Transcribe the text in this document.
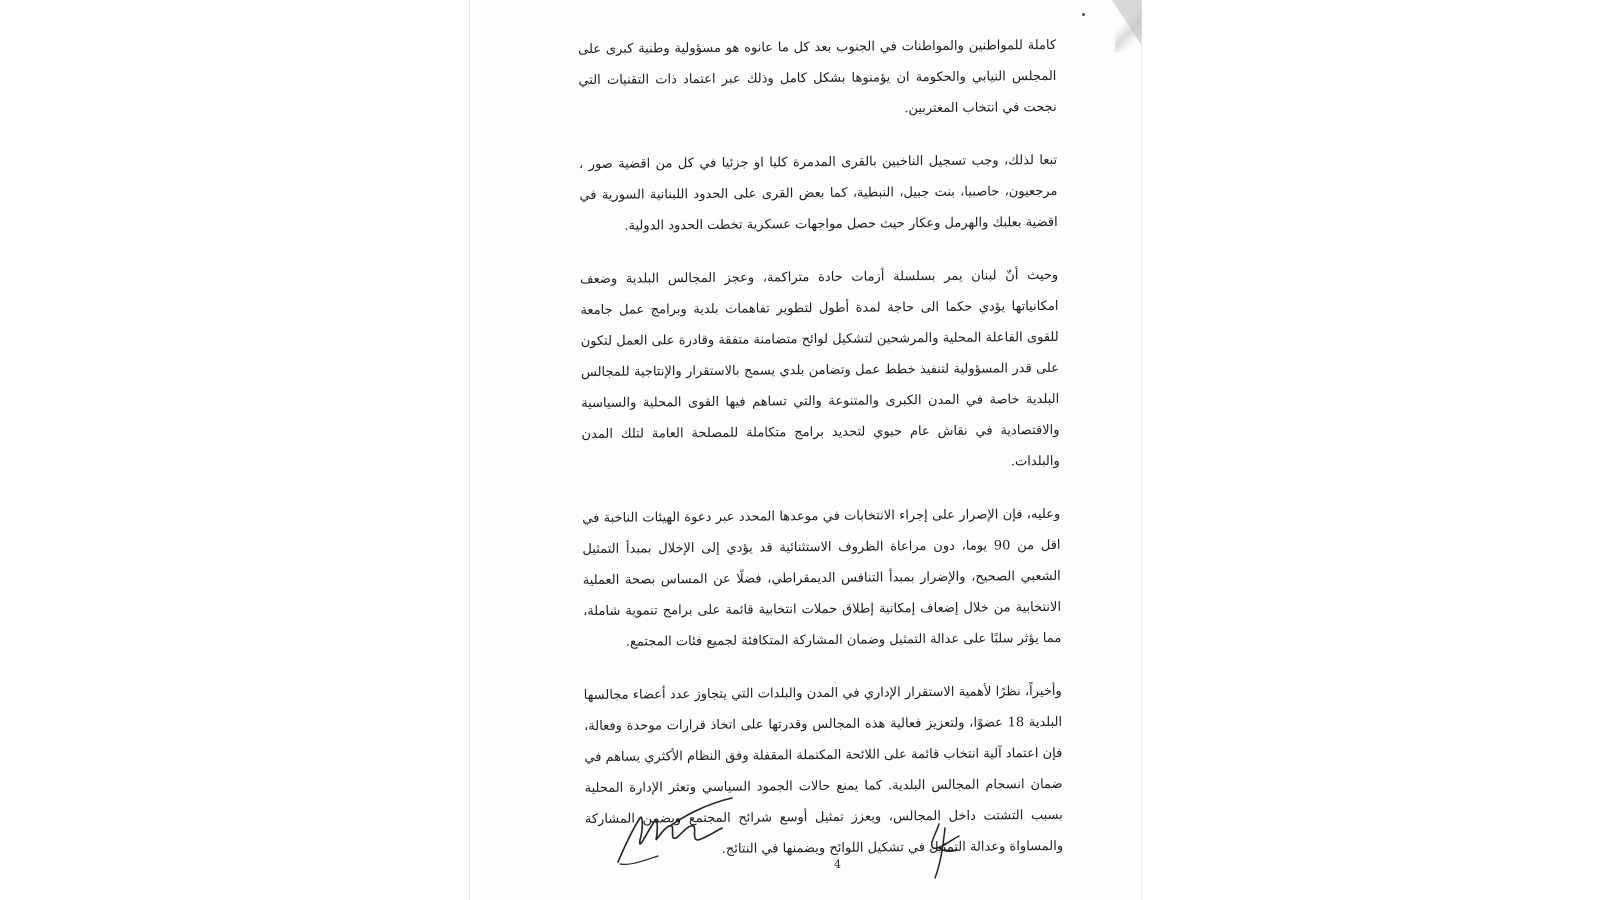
كاملة للمواطنين والمواطنات في الجنوب بعد كل ما عانوه هو مسؤولية وطنية كبرى على المجلس النيابي والحكومة ان يؤمنوها بشكل كامل وذلك عبر اعتماد ذات التقنيات التي نجحت في انتخاب المغتربين.

تبعا لذلك، وجب تسجيل الناخبين بالقرى المدمرة كليا او جزئيا في كل من اقضية صور ، مرجعيون، حاصبيا، بنت جبيل، النبطية، كما بعض القرى على الحدود اللبنانية السورية في اقضية بعلبك والهرمل وعكار حيث حصل مواجهات عسكرية تخطت الحدود الدولية.

وحيث أنّ لبنان يمر بسلسلة أزمات حادة متراكمة، وعجز المجالس البلدية وضعف امكانياتها يؤدي حكما الى حاجة لمدة أطول لتطوير تفاهمات بلدية وبرامج عمل جامعة للقوى الفاعلة المحلية والمرشحين لتشكيل لوائح متضامنة متفقة وقادرة على العمل لتكون على قدر المسؤولية لتنفيذ خطط عمل وتضامن بلدي يسمح بالاستقرار والإنتاجية للمجالس البلدية خاصة في المدن الكبرى والمتنوعة والتي تساهم فيها القوى المحلية والسياسية والاقتصادية في نقاش عام حيوي لتحديد برامج متكاملة للمصلحة العامة لتلك المدن والبلدات.

وعليه، فإن الإصرار على إجراء الانتخابات في موعدها المحدد عبر دعوة الهيئات الناخبة في اقل من 90 يوما، دون مراعاة الظروف الاستثنائية قد يؤدي إلى الإخلال بمبدأ التمثيل الشعبي الصحيح، والإضرار بمبدأ التنافس الديمقراطي، فضلًا عن المساس بصحة العملية الانتخابية من خلال إضعاف إمكانية إطلاق حملات انتخابية قائمة على برامج تنموية شاملة، مما يؤثر سلبًا على عدالة التمثيل وضمان المشاركة المتكافئة لجميع فئات المجتمع.

وأخيراً، نظرًا لأهمية الاستقرار الإداري في المدن والبلدات التي يتجاوز عدد أعضاء مجالسها البلدية 18 عضوًا، ولتعزيز فعالية هذه المجالس وقدرتها على اتخاذ قرارات موحدة وفعالة، فإن اعتماد آلية انتخاب قائمة على اللائحة المكتملة المقفلة وفق النظام الأكثري يساهم في ضمان انسجام المجالس البلدية. كما يمنع حالات الجمود السياسي وتعثر الإدارة المحلية بسبب التشتت داخل المجالس، ويعزز تمثيل أوسع شرائح المجتمع ويضمن المشاركة والمساواة وعدالة التمثيل في تشكيل اللوائح ويضمنها في النتائج.

4
